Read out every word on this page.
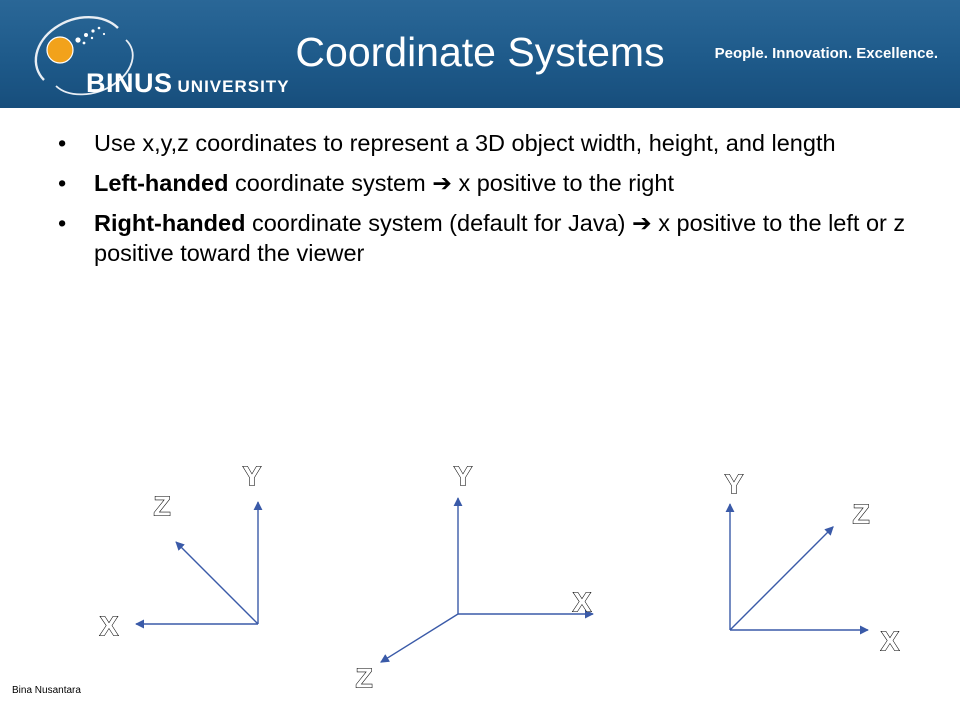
BINUS UNIVERSITY
Coordinate Systems	People. Innovation. Excellence.
• Use x,y,z coordinates to represent a 3D object width, height, and length
• Left-handed coordinate system ➔ x positive to the right
• Right-handed coordinate system (default for Java) ➔ x positive to the left or z positive toward the viewer
Y
Z
X
Y
X
Z
Y
Z
X
Bina Nusantara
